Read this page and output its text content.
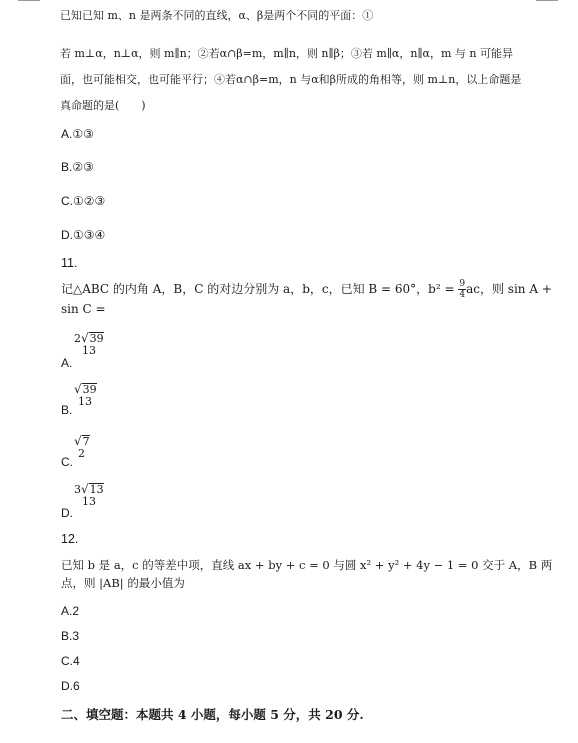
已知已知 m、n 是两条不同的直线，α、β是两个不同的平面：①
若 m⊥α，n⊥α，则 m∥n；②若α∩β=m，m∥n，则 n∥β；③若 m∥α，n∥α，m 与 n 可能异面，也可能相交，也可能平行；④若α∩β=m，n 与α和β所成的角相等，则 m⊥n，以上命题是真命题的是(　　)
A.①③
B.②③
C.①②③
D.①③④
11.
记△ABC 的内角 A，B，C 的对边分别为 a，b，c，已知 B = 60°，$b^2 = \frac{9}{4}$ ac，则 sin A +
sin C =
A.
2√39
13
B.
√39
13
C.
√7
2
D.
3√13
13
12.
已知 b 是 a，c 的等差中项，直线 ax + by + c = 0 与圆 x² + y² + 4y − 1 = 0 交于 A，B 两
点，则 |AB| 的最小值为
A.2
B.3
C.4
D.6
二、填空题：本题共 4 小题，每小题 5 分，共 20 分.
